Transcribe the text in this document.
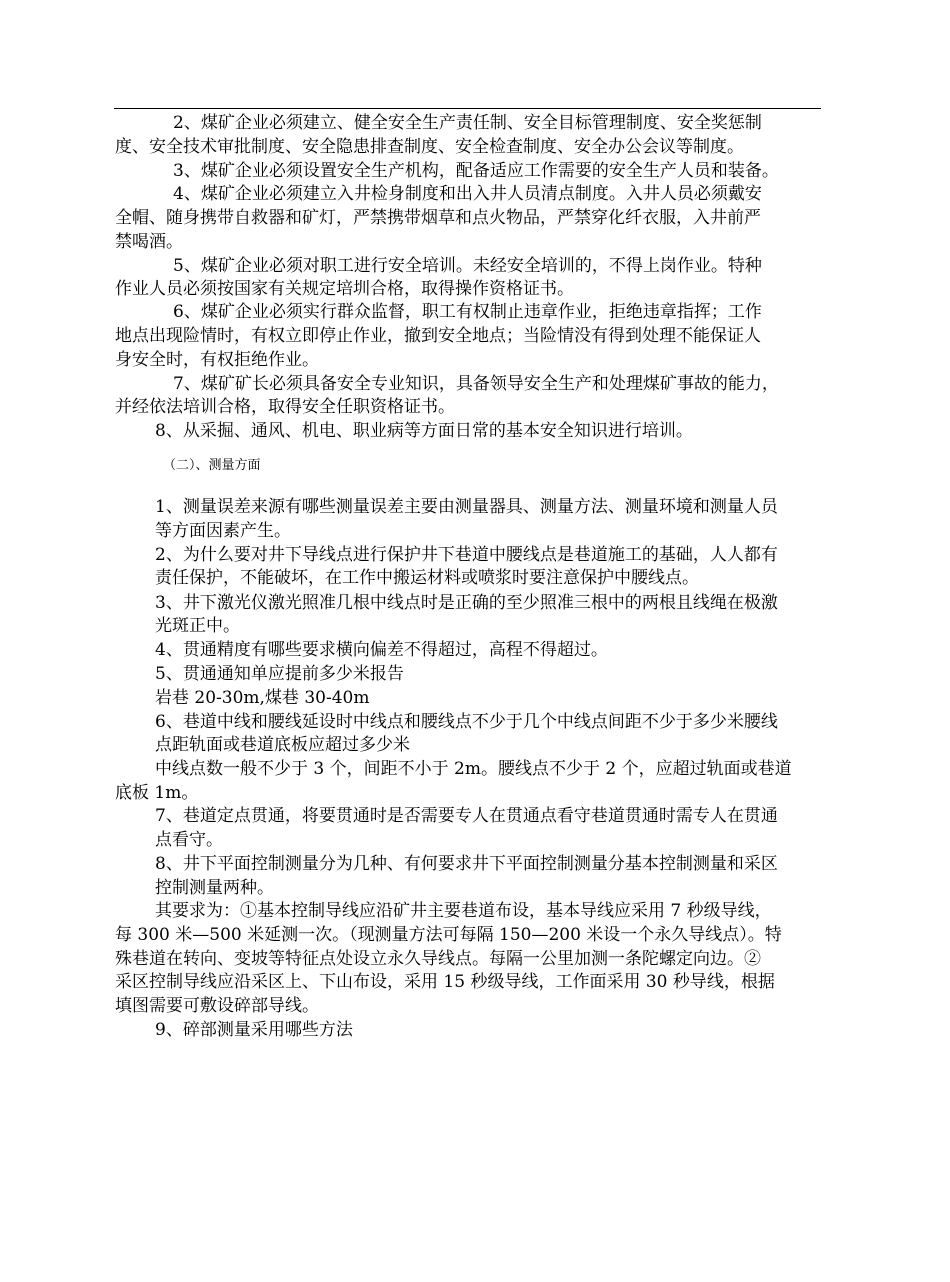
2、煤矿企业必须建立、健全安全生产责任制、安全目标管理制度、安全奖惩制
度、安全技术审批制度、安全隐患排查制度、安全检查制度、安全办公会议等制度。
3、煤矿企业必须设置安全生产机构，配备适应工作需要的安全生产人员和装备。
4、煤矿企业必须建立入井检身制度和出入井人员清点制度。入井人员必须戴安
全帽、随身携带自救器和矿灯，严禁携带烟草和点火物品，严禁穿化纤衣服，入井前严
禁喝酒。
5、煤矿企业必须对职工进行安全培训。未经安全培训的，不得上岗作业。特种
作业人员必须按国家有关规定培圳合格，取得操作资格证书。
6、煤矿企业必须实行群众监督，职工有权制止违章作业，拒绝违章指挥；工作
地点出现险情时，有权立即停止作业，撤到安全地点；当险情没有得到处理不能保证人
身安全时，有权拒绝作业。
7、煤矿矿长必须具备安全专业知识，具备领导安全生产和处理煤矿事故的能力，
并经依法培训合格，取得安全任职资格证书。
8、从采掘、通风、机电、职业病等方面日常的基本安全知识进行培训。
（二）、测量方面
1、测量误差来源有哪些测量误差主要由测量器具、测量方法、测量环境和测量人员
等方面因素产生。
2、为什么要对井下导线点进行保护井下巷道中腰线点是巷道施工的基础，人人都有
责任保护，不能破坏，在工作中搬运材料或喷浆时要注意保护中腰线点。
3、井下激光仪激光照准几根中线点时是正确的至少照准三根中的两根且线绳在极激
光斑正中。
4、贯通精度有哪些要求横向偏差不得超过，高程不得超过。
5、贯通通知单应提前多少米报告
岩巷 20-30m,煤巷 30-40m
6、巷道中线和腰线延设时中线点和腰线点不少于几个中线点间距不少于多少米腰线
点距轨面或巷道底板应超过多少米
中线点数一般不少于 3 个，间距不小于 2m。腰线点不少于 2 个，应超过轨面或巷道
底板 1m。
7、巷道定点贯通，将要贯通时是否需要专人在贯通点看守巷道贯通时需专人在贯通
点看守。
8、井下平面控制测量分为几种、有何要求井下平面控制测量分基本控制测量和采区
控制测量两种。
其要求为：①基本控制导线应沿矿井主要巷道布设，基本导线应采用 7 秒级导线，
每 300 米—500 米延测一次。（现测量方法可每隔 150—200 米设一个永久导线点）。特
殊巷道在转向、变坡等特征点处设立永久导线点。每隔一公里加测一条陀螺定向边。②
采区控制导线应沿采区上、下山布设，采用 15 秒级导线，工作面采用 30 秒导线，根据
填图需要可敷设碎部导线。
9、碎部测量采用哪些方法
